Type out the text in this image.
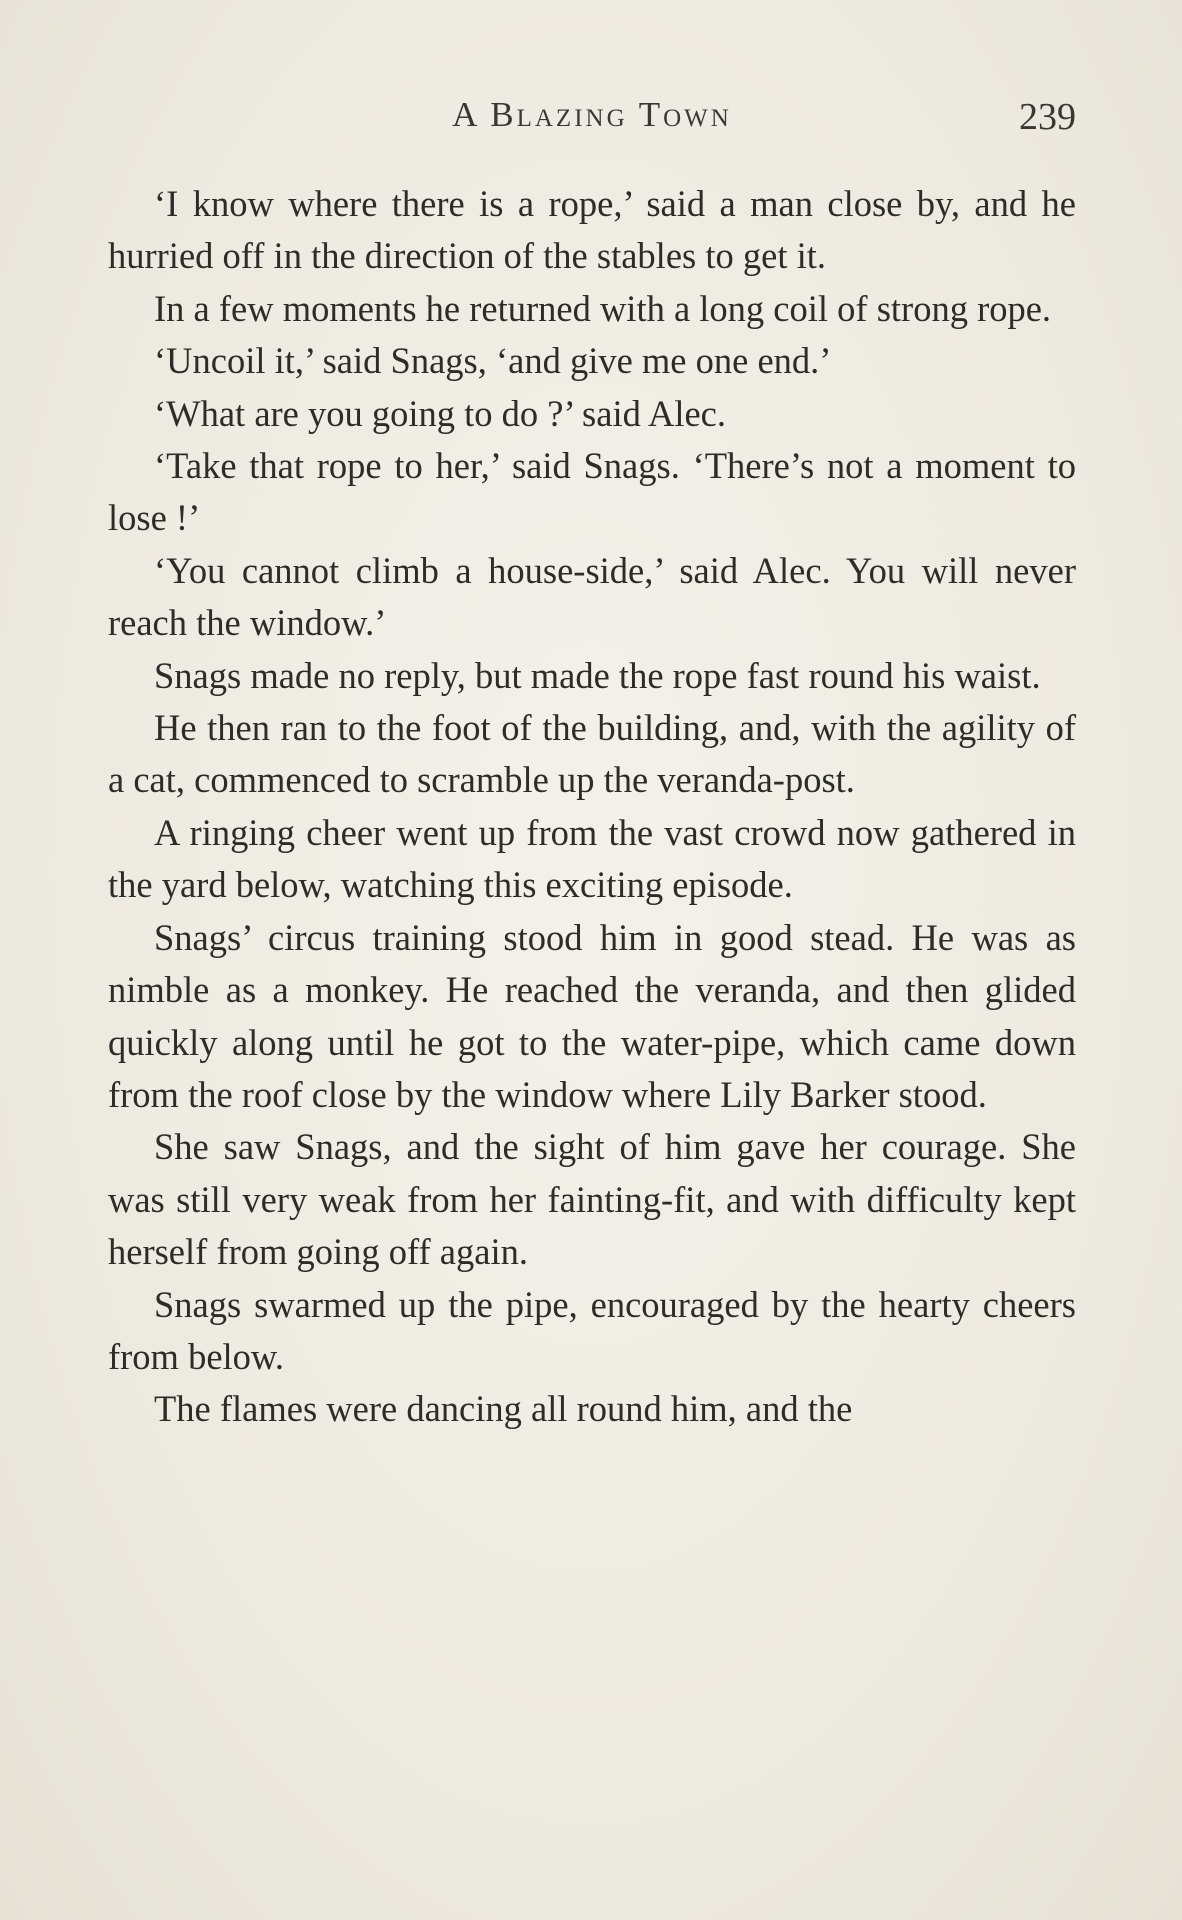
A Blazing Town	239

‘I know where there is a rope,’ said a man close by, and he hurried off in the direction of the stables to get it.

In a few moments he returned with a long coil of strong rope.

‘Uncoil it,’ said Snags, ‘and give me one end.’

‘What are you going to do ?’ said Alec.

‘Take that rope to her,’ said Snags. ‘There’s not a moment to lose !’

‘You cannot climb a house-side,’ said Alec. You will never reach the window.’

Snags made no reply, but made the rope fast round his waist.

He then ran to the foot of the building, and, with the agility of a cat, commenced to scramble up the veranda-post.

A ringing cheer went up from the vast crowd now gathered in the yard below, watching this exciting episode.

Snags’ circus training stood him in good stead. He was as nimble as a monkey. He reached the veranda, and then glided quickly along until he got to the water-pipe, which came down from the roof close by the window where Lily Barker stood.

She saw Snags, and the sight of him gave her courage. She was still very weak from her fainting-fit, and with difficulty kept herself from going off again.

Snags swarmed up the pipe, encouraged by the hearty cheers from below.

The flames were dancing all round him, and the
